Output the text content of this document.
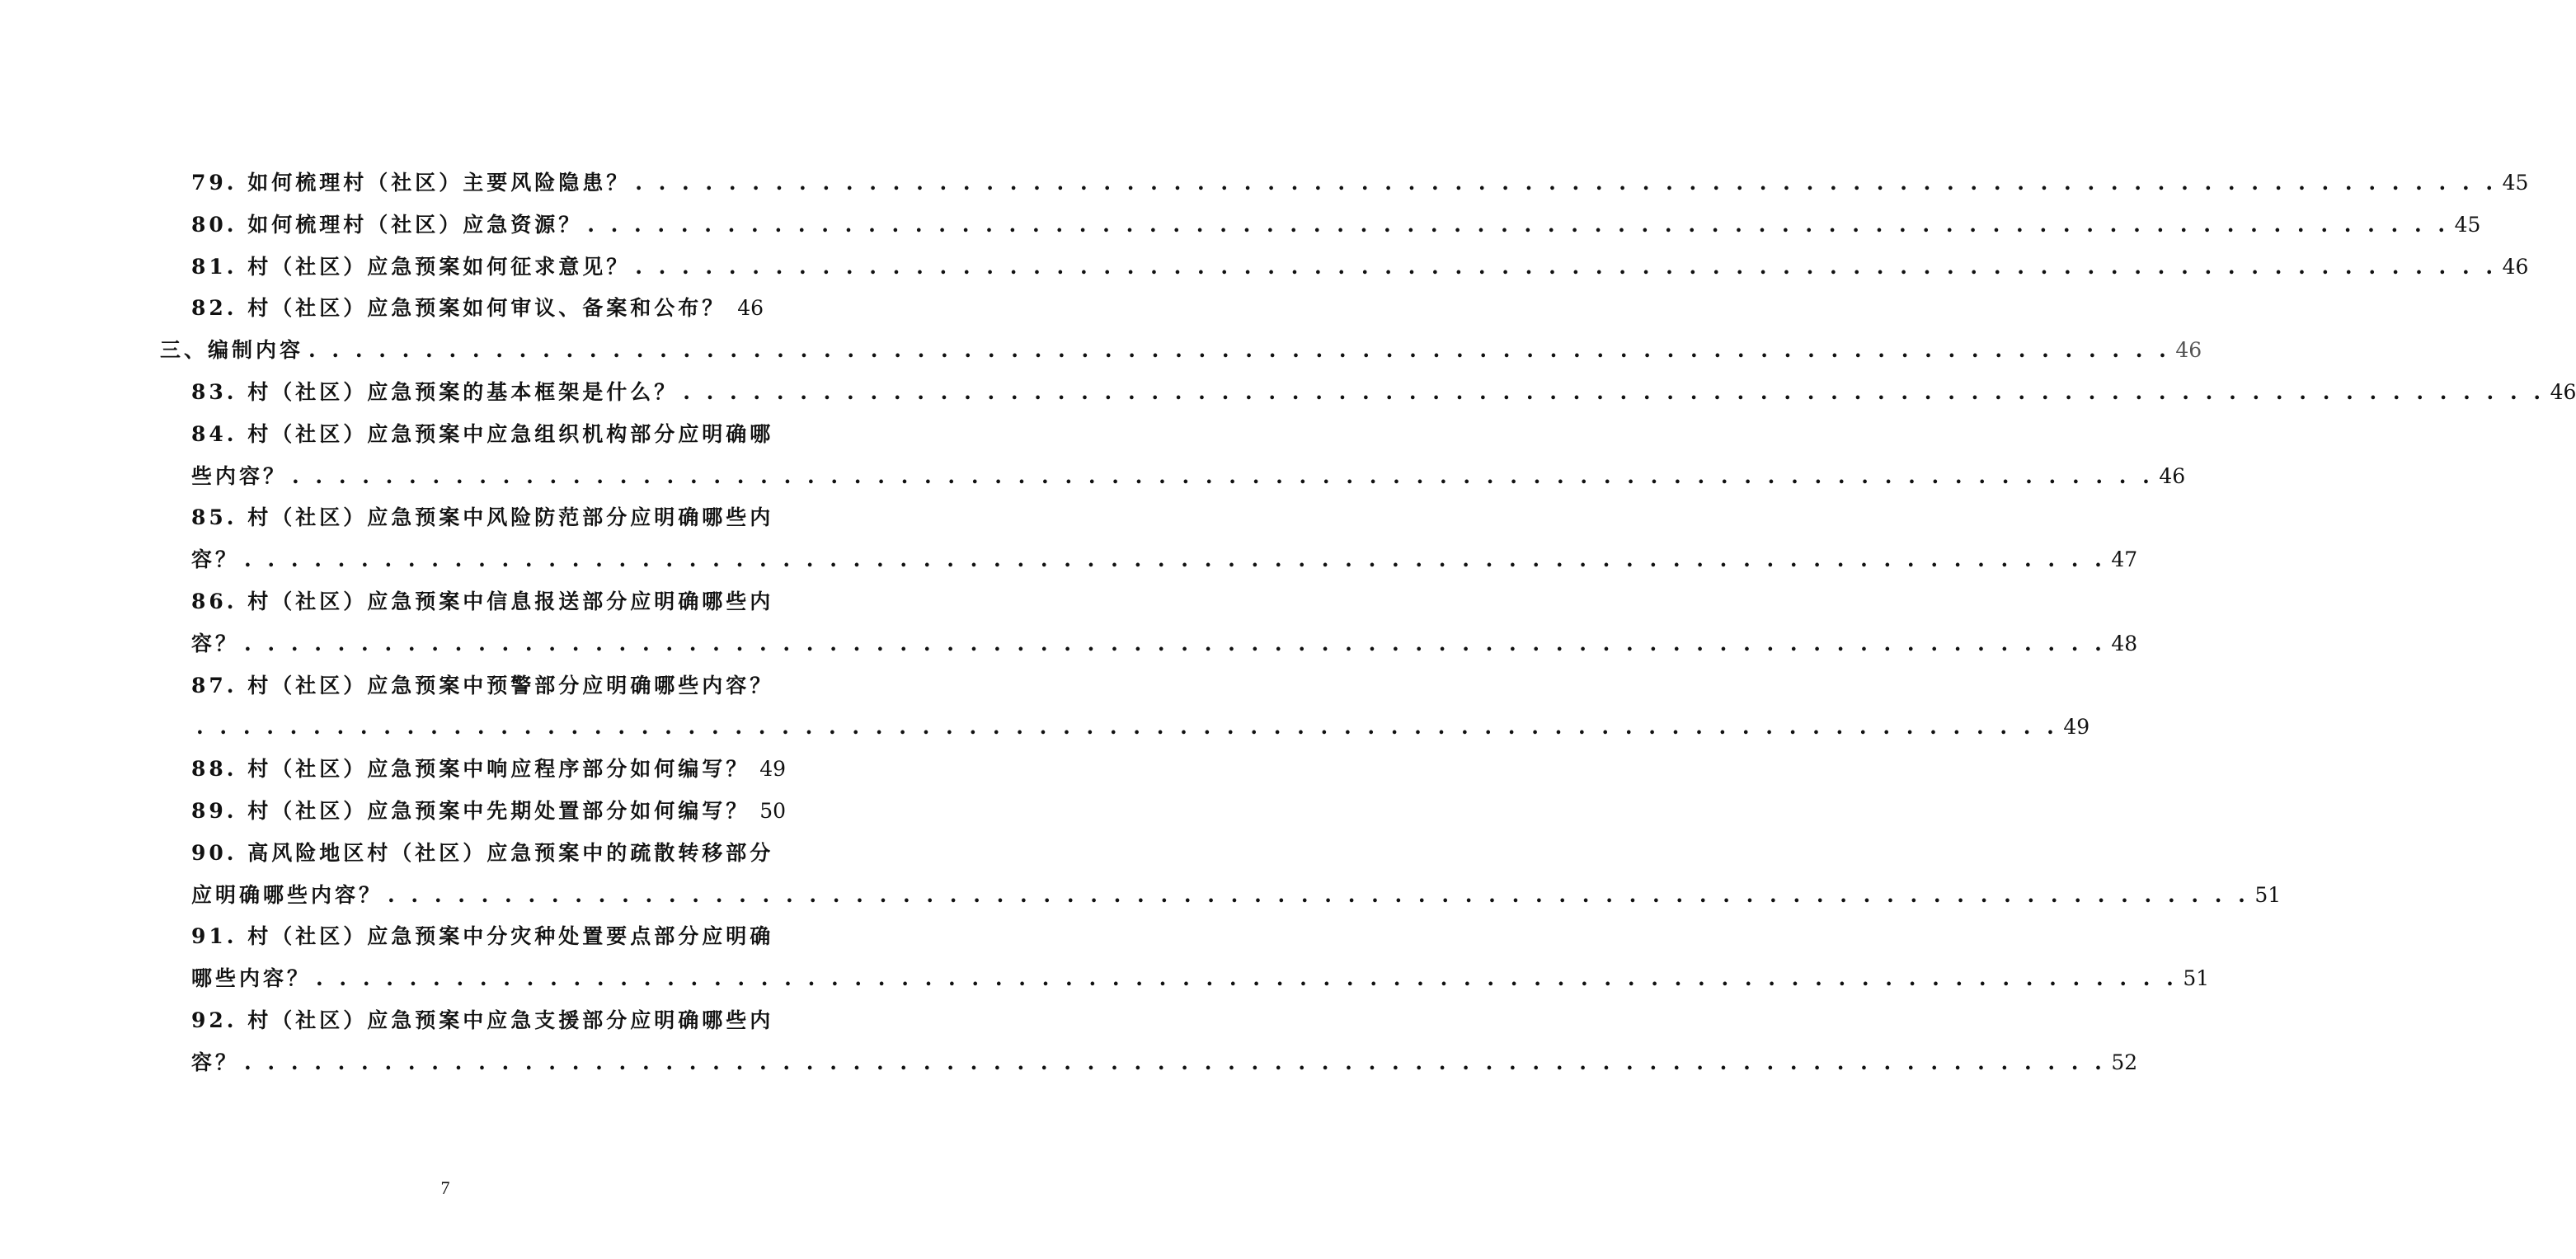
79. 如何梳理村（社区）主要风险隐患？ . . . . . . . . . . . . . . . . . . . . . . . . . . . . . . . . . . . . . . . . . . . . . . . . . . . . . . . . . . . . . . . . . . . . . . . . . . . . . . . . 45
80. 如何梳理村（社区）应急资源？ . . . . . . . . . . . . . . . . . . . . . . . . . . . . . . . . . . . . . . . . . . . . . . . . . . . . . . . . . . . . . . . . . . . . . . . . . . . . . . . . 45
81. 村（社区）应急预案如何征求意见？ . . . . . . . . . . . . . . . . . . . . . . . . . . . . . . . . . . . . . . . . . . . . . . . . . . . . . . . . . . . . . . . . . . . . . . . . . . . . . . . . 46
82. 村（社区）应急预案如何审议、备案和公布？ 46
三、编制内容 . . . . . . . . . . . . . . . . . . . . . . . . . . . . . . . . . . . . . . . . . . . . . . . . . . . . . . . . . . . . . . . . . . . . . . . . . . . . . . . . 46
83. 村（社区）应急预案的基本框架是什么？ . . . . . . . . . . . . . . . . . . . . . . . . . . . . . . . . . . . . . . . . . . . . . . . . . . . . . . . . . . . . . . . . . . . . . . . . . . . . . . . . 46
84. 村（社区）应急预案中应急组织机构部分应明确哪
些内容？ . . . . . . . . . . . . . . . . . . . . . . . . . . . . . . . . . . . . . . . . . . . . . . . . . . . . . . . . . . . . . . . . . . . . . . . . . . . . . . . . 46
85. 村（社区）应急预案中风险防范部分应明确哪些内
容？ . . . . . . . . . . . . . . . . . . . . . . . . . . . . . . . . . . . . . . . . . . . . . . . . . . . . . . . . . . . . . . . . . . . . . . . . . . . . . . . . 47
86. 村（社区）应急预案中信息报送部分应明确哪些内
容？ . . . . . . . . . . . . . . . . . . . . . . . . . . . . . . . . . . . . . . . . . . . . . . . . . . . . . . . . . . . . . . . . . . . . . . . . . . . . . . . . 48
87. 村（社区）应急预案中预警部分应明确哪些内容？
. . . . . . . . . . . . . . . . . . . . . . . . . . . . . . . . . . . . . . . . . . . . . . . . . . . . . . . . . . . . . . . . . . . . . . . . . . . . . . . . 49
88. 村（社区）应急预案中响应程序部分如何编写？ 49
89. 村（社区）应急预案中先期处置部分如何编写？ 50
90. 高风险地区村（社区）应急预案中的疏散转移部分
应明确哪些内容？ . . . . . . . . . . . . . . . . . . . . . . . . . . . . . . . . . . . . . . . . . . . . . . . . . . . . . . . . . . . . . . . . . . . . . . . . . . . . . . . . 51
91. 村（社区）应急预案中分灾种处置要点部分应明确
哪些内容？ . . . . . . . . . . . . . . . . . . . . . . . . . . . . . . . . . . . . . . . . . . . . . . . . . . . . . . . . . . . . . . . . . . . . . . . . . . . . . . . . 51
92. 村（社区）应急预案中应急支援部分应明确哪些内
容？ . . . . . . . . . . . . . . . . . . . . . . . . . . . . . . . . . . . . . . . . . . . . . . . . . . . . . . . . . . . . . . . . . . . . . . . . . . . . . . . . 52
7
